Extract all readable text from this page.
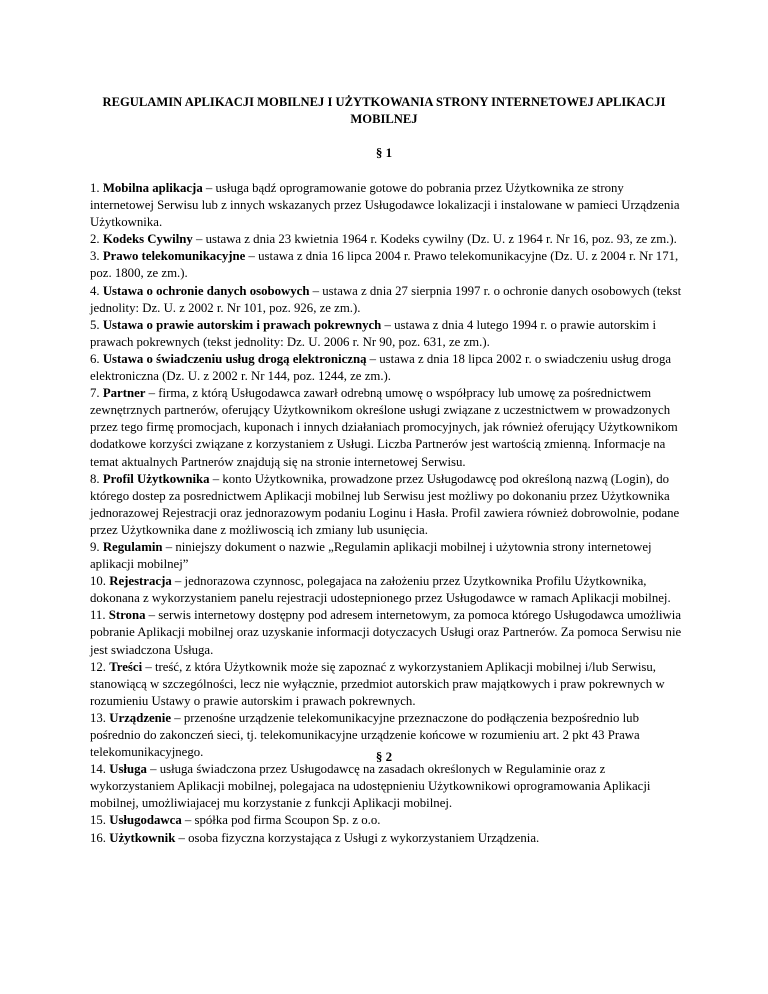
REGULAMIN APLIKACJI MOBILNEJ I UŻYTKOWANIA STRONY INTERNETOWEJ APLIKACJI MOBILNEJ
§ 1

1. Mobilna aplikacja – usługa bądź oprogramowanie gotowe do pobrania przez Użytkownika ze strony internetowej Serwisu lub z innych wskazanych przez Usługodawce lokalizacji i instalowane w pamieci Urządzenia Użytkownika.

2. Kodeks Cywilny – ustawa z dnia 23 kwietnia 1964 r. Kodeks cywilny (Dz. U. z 1964 r. Nr 16, poz. 93, ze zm.).

3. Prawo telekomunikacyjne – ustawa z dnia 16 lipca 2004 r. Prawo telekomunikacyjne (Dz. U. z 2004 r. Nr 171, poz. 1800, ze zm.).

4. Ustawa o ochronie danych osobowych – ustawa z dnia 27 sierpnia 1997 r. o ochronie danych osobowych (tekst jednolity: Dz. U. z 2002 r. Nr 101, poz. 926, ze zm.).

5. Ustawa o prawie autorskim i prawach pokrewnych – ustawa z dnia 4 lutego 1994 r. o prawie autorskim i prawach pokrewnych (tekst jednolity: Dz. U. 2006 r. Nr 90, poz. 631, ze zm.).

6. Ustawa o świadczeniu usług drogą elektroniczną – ustawa z dnia 18 lipca 2002 r. o swiadczeniu usług droga elektroniczna (Dz. U. z 2002 r. Nr 144, poz. 1244, ze zm.).

7. Partner – firma, z którą Usługodawca zawarł odrebną umowę o współpracy lub umowę za pośrednictwem zewnętrznych partnerów, oferujący Użytkownikom określone usługi związane z uczestnictwem w prowadzonych przez tego firmę promocjach, kuponach i innych działaniach promocyjnych, jak również oferujący Użytkownikom dodatkowe korzyści związane z korzystaniem z Usługi. Liczba Partnerów jest wartością zmienną. Informacje na temat aktualnych Partnerów znajdują się na stronie internetowej Serwisu.

8. Profil Użytkownika – konto Użytkownika, prowadzone przez Usługodawcę pod określoną nazwą (Login), do którego dostep za posrednictwem Aplikacji mobilnej lub Serwisu jest możliwy po dokonaniu przez Użytkownika jednorazowej Rejestracji oraz jednorazowym podaniu Loginu i Hasła. Profil zawiera również dobrowolnie, podane przez Użytkownika dane z możliwoscią ich zmiany lub usunięcia.

9. Regulamin – niniejszy dokument o nazwie „Regulamin aplikacji mobilnej i użytownia strony internetowej aplikacji mobilnej”

10. Rejestracja – jednorazowa czynnosc, polegajaca na założeniu przez Uzytkownika Profilu Użytkownika, dokonana z wykorzystaniem panelu rejestracji udostepnionego przez Usługodawce w ramach Aplikacji mobilnej.

11. Strona – serwis internetowy dostępny pod adresem internetowym, za pomoca którego Usługodawca umożliwia pobranie Aplikacji mobilnej oraz uzyskanie informacji dotyczacych Usługi oraz Partnerów. Za pomoca Serwisu nie jest swiadczona Usługa.

12. Treści – treść, z która Użytkownik może się zapoznać z wykorzystaniem Aplikacji mobilnej i/lub Serwisu, stanowiącą w szczególności, lecz nie wyłącznie, przedmiot autorskich praw majątkowych i praw pokrewnych w rozumieniu Ustawy o prawie autorskim i prawach pokrewnych.

13. Urządzenie – przenośne urządzenie telekomunikacyjne przeznaczone do podłączenia bezpośrednio lub pośrednio do zakonczeń sieci, tj. telekomunikacyjne urządzenie końcowe w rozumieniu art. 2 pkt 43 Prawa telekomunikacyjnego.

14. Usługa – usługa świadczona przez Usługodawcę na zasadach określonych w Regulaminie oraz z wykorzystaniem Aplikacji mobilnej, polegajaca na udostępnieniu Użytkownikowi oprogramowania Aplikacji mobilnej, umożliwiajacej mu korzystanie z funkcji Aplikacji mobilnej.

15. Usługodawca – spółka pod firma Scoupon Sp. z o.o.

16. Użytkownik – osoba fizyczna korzystająca z Usługi z wykorzystaniem Urządzenia.

§ 2
